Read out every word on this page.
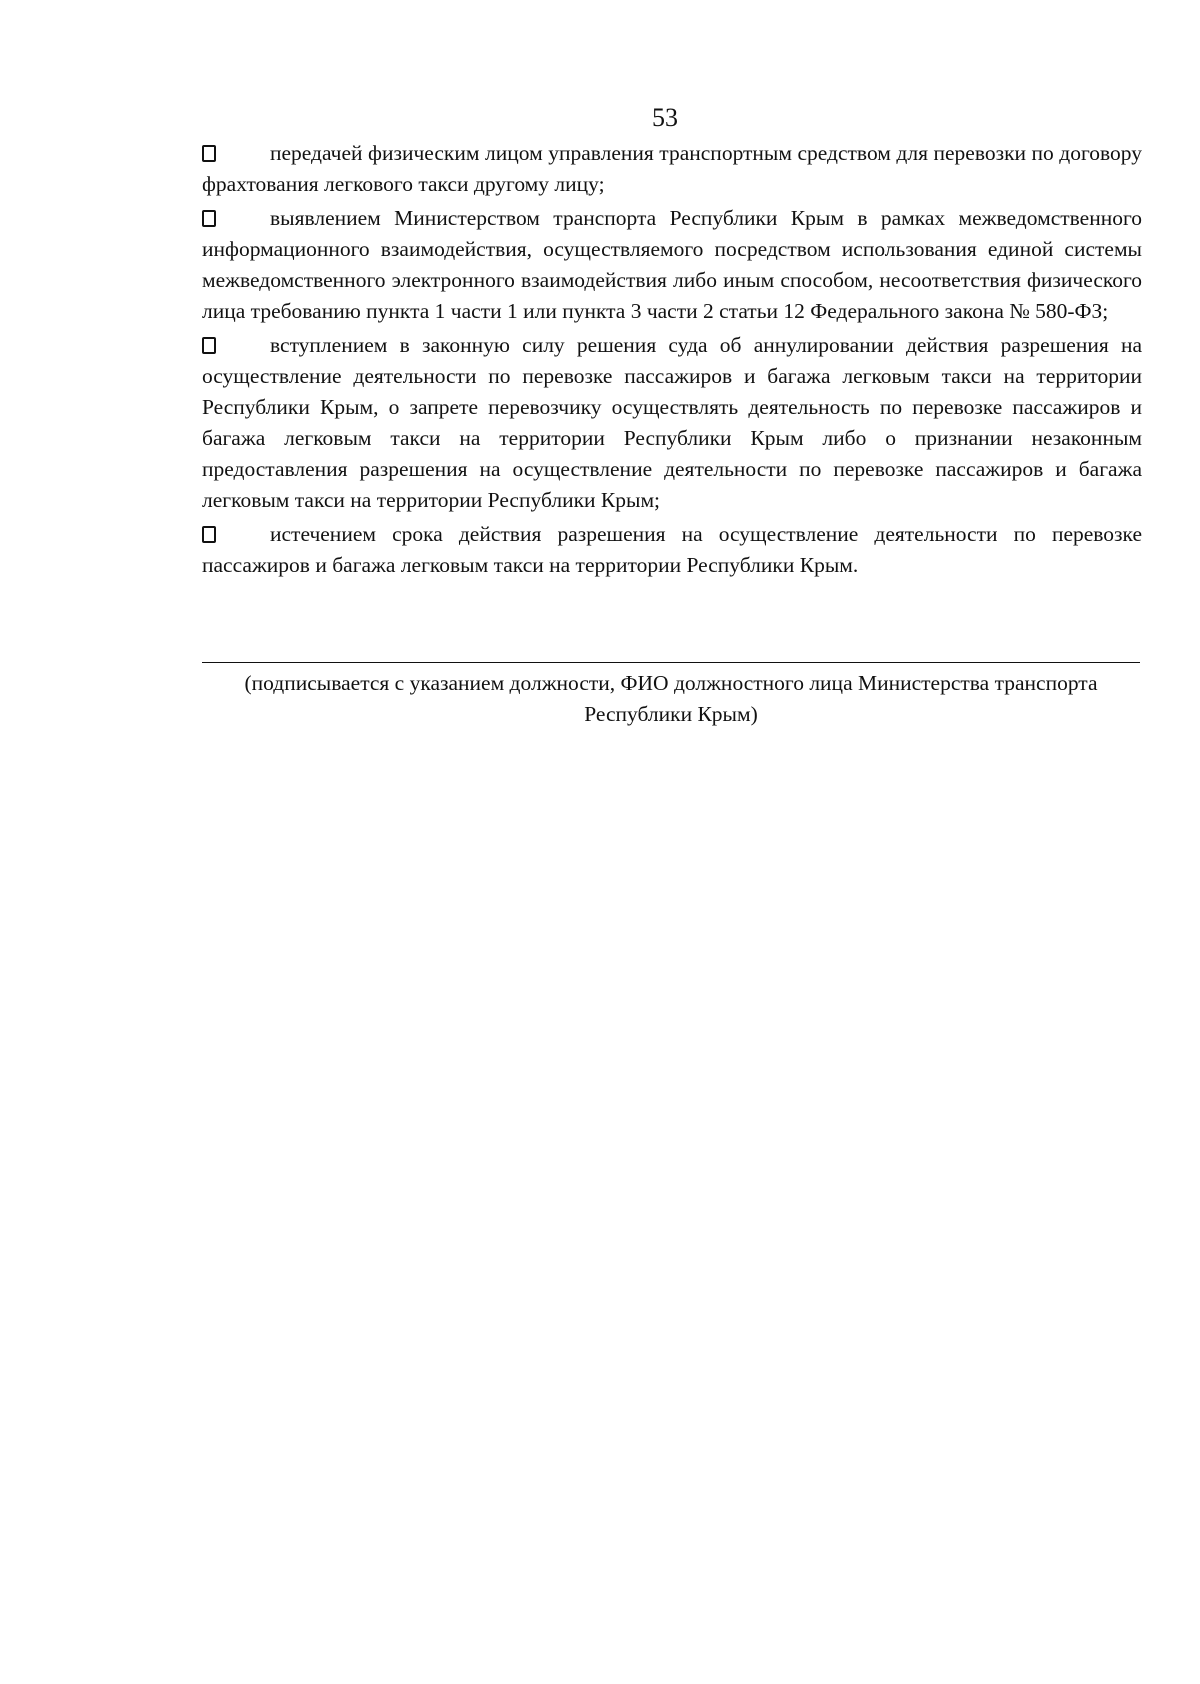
53

передачей физическим лицом управления транспортным средством для перевозки по договору фрахтования легкового такси другому лицу;

выявлением Министерством транспорта Республики Крым в рамках межведомственного информационного взаимодействия, осуществляемого посредством использования единой системы межведомственного электронного взаимодействия либо иным способом, несоответствия физического лица требованию пункта 1 части 1 или пункта 3 части 2 статьи 12 Федерального закона № 580-ФЗ;

вступлением в законную силу решения суда об аннулировании действия разрешения на осуществление деятельности по перевозке пассажиров и багажа легковым такси на территории Республики Крым, о запрете перевозчику осуществлять деятельность по перевозке пассажиров и багажа легковым такси на территории Республики Крым либо о признании незаконным предоставления разрешения на осуществление деятельности по перевозке пассажиров и багажа легковым такси на территории Республики Крым;

истечением срока действия разрешения на осуществление деятельности по перевозке пассажиров и багажа легковым такси на территории Республики Крым.

(подписывается с указанием должности, ФИО должностного лица Министерства транспорта Республики Крым)
